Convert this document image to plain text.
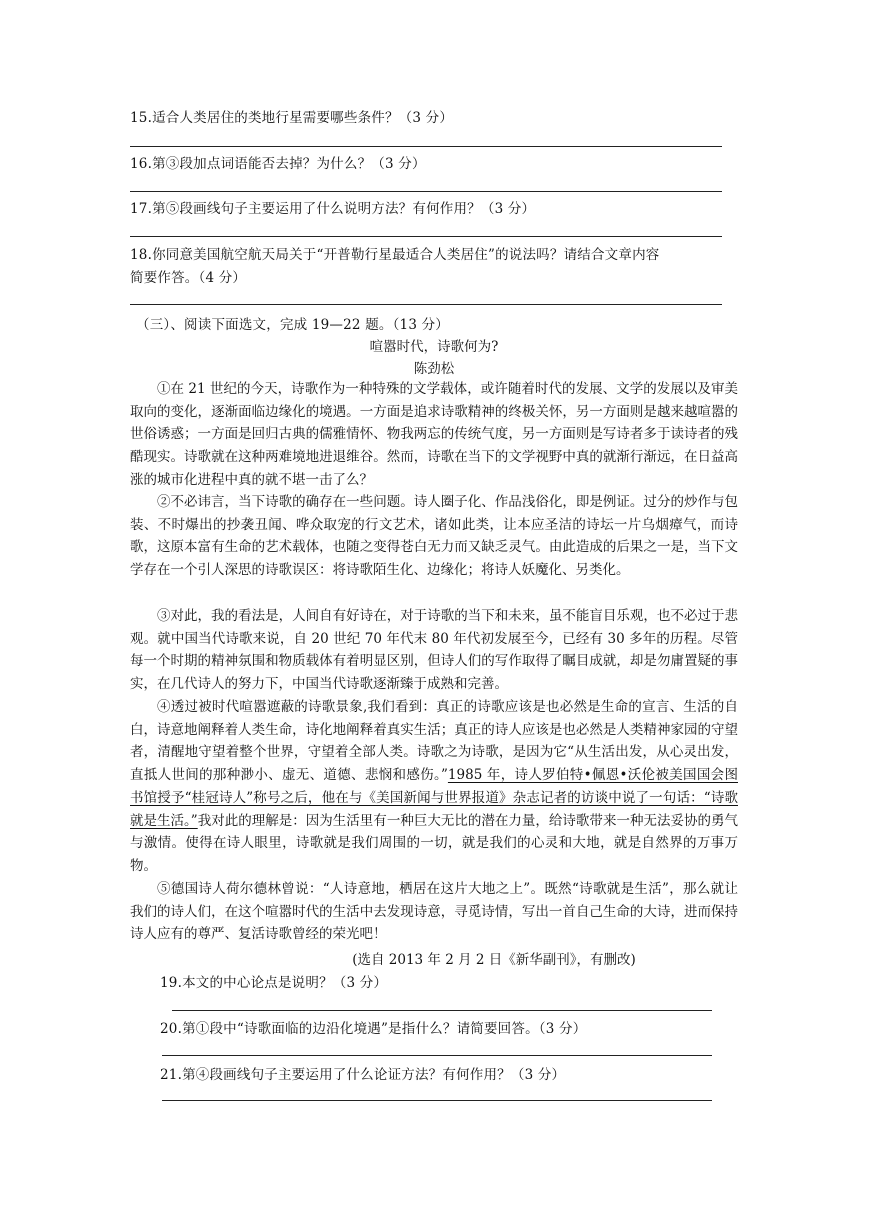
15.适合人类居住的类地行星需要哪些条件？（3 分）
16.第③段加点词语能否去掉？为什么？（3 分）
17.第⑤段画线句子主要运用了什么说明方法？有何作用？（3 分）
18.你同意美国航空航天局关于“开普勒行星最适合人类居住”的说法吗？请结合文章内容
简要作答。（4 分）
（三）、阅读下面选文，完成 19—22 题。（13 分）
喧嚣时代，诗歌何为?
陈劲松
①在 21 世纪的今天，诗歌作为一种特殊的文学载体，或许随着时代的发展、文学的发展以及审美取向的变化，逐渐面临边缘化的境遇。一方面是追求诗歌精神的终极关怀，另一方面则是越来越喧嚣的世俗诱惑；一方面是回归古典的儒雅情怀、物我两忘的传统气度，另一方面则是写诗者多于读诗者的残酷现实。诗歌就在这种两难境地进退维谷。然而，诗歌在当下的文学视野中真的就渐行渐远，在日益高涨的城市化进程中真的就不堪一击了么？
②不必讳言，当下诗歌的确存在一些问题。诗人圈子化、作品浅俗化，即是例证。过分的炒作与包装、不时爆出的抄袭丑闻、哗众取宠的行文艺术，诸如此类，让本应圣洁的诗坛一片乌烟瘴气，而诗歌，这原本富有生命的艺术载体，也随之变得苍白无力而又缺乏灵气。由此造成的后果之一是，当下文学存在一个引人深思的诗歌误区：将诗歌陌生化、边缘化；将诗人妖魔化、另类化。
③对此，我的看法是，人间自有好诗在，对于诗歌的当下和未来，虽不能盲目乐观，也不必过于悲观。就中国当代诗歌来说，自 20 世纪 70 年代末 80 年代初发展至今，已经有 30 多年的历程。尽管每一个时期的精神氛围和物质载体有着明显区别，但诗人们的写作取得了瞩目成就，却是勿庸置疑的事实，在几代诗人的努力下，中国当代诗歌逐渐臻于成熟和完善。
④透过被时代喧嚣遮蔽的诗歌景象,我们看到：真正的诗歌应该是也必然是生命的宣言、生活的自白，诗意地阐释着人类生命，诗化地阐释着真实生活；真正的诗人应该是也必然是人类精神家园的守望者，清醒地守望着整个世界，守望着全部人类。诗歌之为诗歌，是因为它“从生活出发，从心灵出发，直抵人世间的那种渺小、虚无、道德、悲悯和感伤。”1985 年，诗人罗伯特•佩恩•沃伦被美国国会图书馆授予“桂冠诗人”称号之后，他在与《美国新闻与世界报道》杂志记者的访谈中说了一句话：“诗歌就是生活。”我对此的理解是：因为生活里有一种巨大无比的潜在力量，给诗歌带来一种无法妥协的勇气与激情。使得在诗人眼里，诗歌就是我们周围的一切，就是我们的心灵和大地，就是自然界的万事万物。
⑤德国诗人荷尔德林曾说：“人诗意地，栖居在这片大地之上”。既然“诗歌就是生活”，那么就让我们的诗人们，在这个喧嚣时代的生活中去发现诗意，寻觅诗情，写出一首自己生命的大诗，进而保持诗人应有的尊严、复活诗歌曾经的荣光吧！
(选自 2013 年 2 月 2 日《新华副刊》，有删改)
19.本文的中心论点是说明？（3 分）
20.第①段中“诗歌面临的边沿化境遇”是指什么？请简要回答。（3 分）
21.第④段画线句子主要运用了什么论证方法？有何作用？（3 分）
